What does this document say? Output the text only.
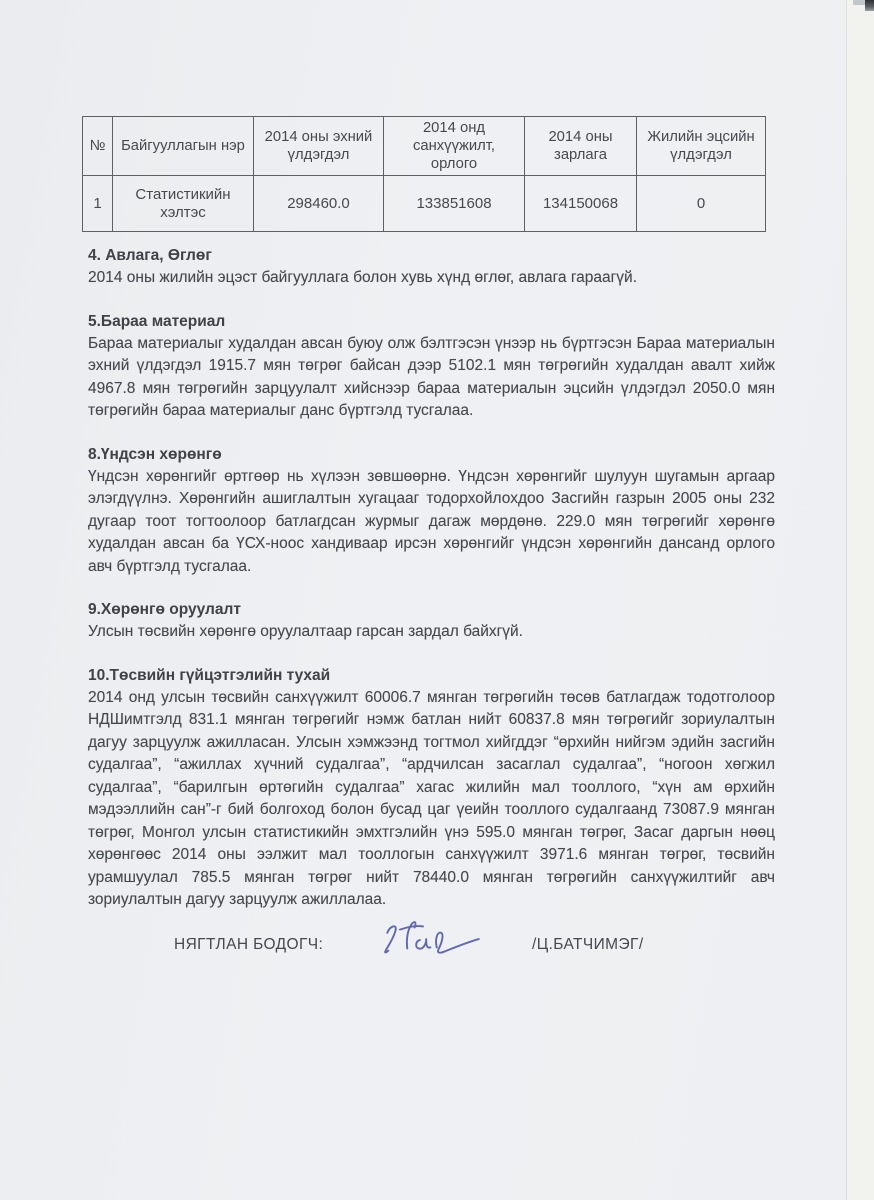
№	Байгууллагын нэр	2014 оны эхний үлдэгдэл	2014 онд санхүүжилт, орлого	2014 оны зарлага	Жилийн эцсийн үлдэгдэл
1	Статистикийн хэлтэс	298460.0	133851608	134150068	0
4. Авлага, Өглөг

2014 оны жилийн эцэст байгууллага болон хувь хүнд өглөг, авлага гараагүй.

5.Бараа материал

Бараа материалыг худалдан авсан буюу олж бэлтгэсэн үнээр нь бүртгэсэн Бараа материалын эхний үлдэгдэл 1915.7 мян төгрөг байсан дээр 5102.1 мян төгрөгийн худалдан авалт хийж 4967.8 мян төгрөгийн зарцуулалт хийснээр бараа материалын эцсийн үлдэгдэл 2050.0 мян төгрөгийн бараа материалыг данс бүртгэлд тусгалаа.

8.Үндсэн хөрөнгө

Үндсэн хөрөнгийг өртгөөр нь хүлээн зөвшөөрнө. Үндсэн хөрөнгийг шулуун шугамын аргаар элэгдүүлнэ. Хөрөнгийн ашиглалтын хугацааг тодорхойлохдоо Засгийн газрын 2005 оны 232 дугаар тоот тогтоолоор батлагдсан журмыг дагаж мөрдөнө. 229.0 мян төгрөгийг хөрөнгө худалдан авсан ба ҮСХ-ноос хандиваар ирсэн хөрөнгийг үндсэн хөрөнгийн дансанд орлого авч бүртгэлд тусгалаа.

9.Хөрөнгө оруулалт

Улсын төсвийн хөрөнгө оруулалтаар гарсан зардал байхгүй.

10.Төсвийн гүйцэтгэлийн тухай

2014 онд улсын төсвийн санхүүжилт 60006.7 мянган төгрөгийн төсөв батлагдаж тодотголоор НДШимтгэлд 831.1 мянган төгрөгийг нэмж батлан нийт 60837.8 мян төгрөгийг зориулалтын дагуу зарцуулж ажилласан. Улсын хэмжээнд тогтмол хийгддэг “өрхийн нийгэм эдийн засгийн судалгаа”, “ажиллах хүчний судалгаа”, “ардчилсан засаглал судалгаа”, “ногоон хөгжил судалгаа”, “барилгын өртөгийн судалгаа” хагас жилийн мал тооллого, “хүн ам өрхийн мэдээллийн сан”-г бий болгоход болон бусад цаг үеийн тооллого судалгаанд 73087.9 мянган төгрөг, Монгол улсын статистикийн эмхтгэлийн үнэ 595.0 мянган төгрөг, Засаг даргын нөөц хөрөнгөөс 2014 оны ээлжит мал тооллогын санхүүжилт 3971.6 мянган төгрөг, төсвийн урамшуулал 785.5 мянган төгрөг нийт 78440.0 мянган төгрөгийн санхүүжилтийг авч зориулалтын дагуу зарцуулж ажиллалаа.

НЯГТЛАН БОДОГЧ:	/Ц.БАТЧИМЭГ/
